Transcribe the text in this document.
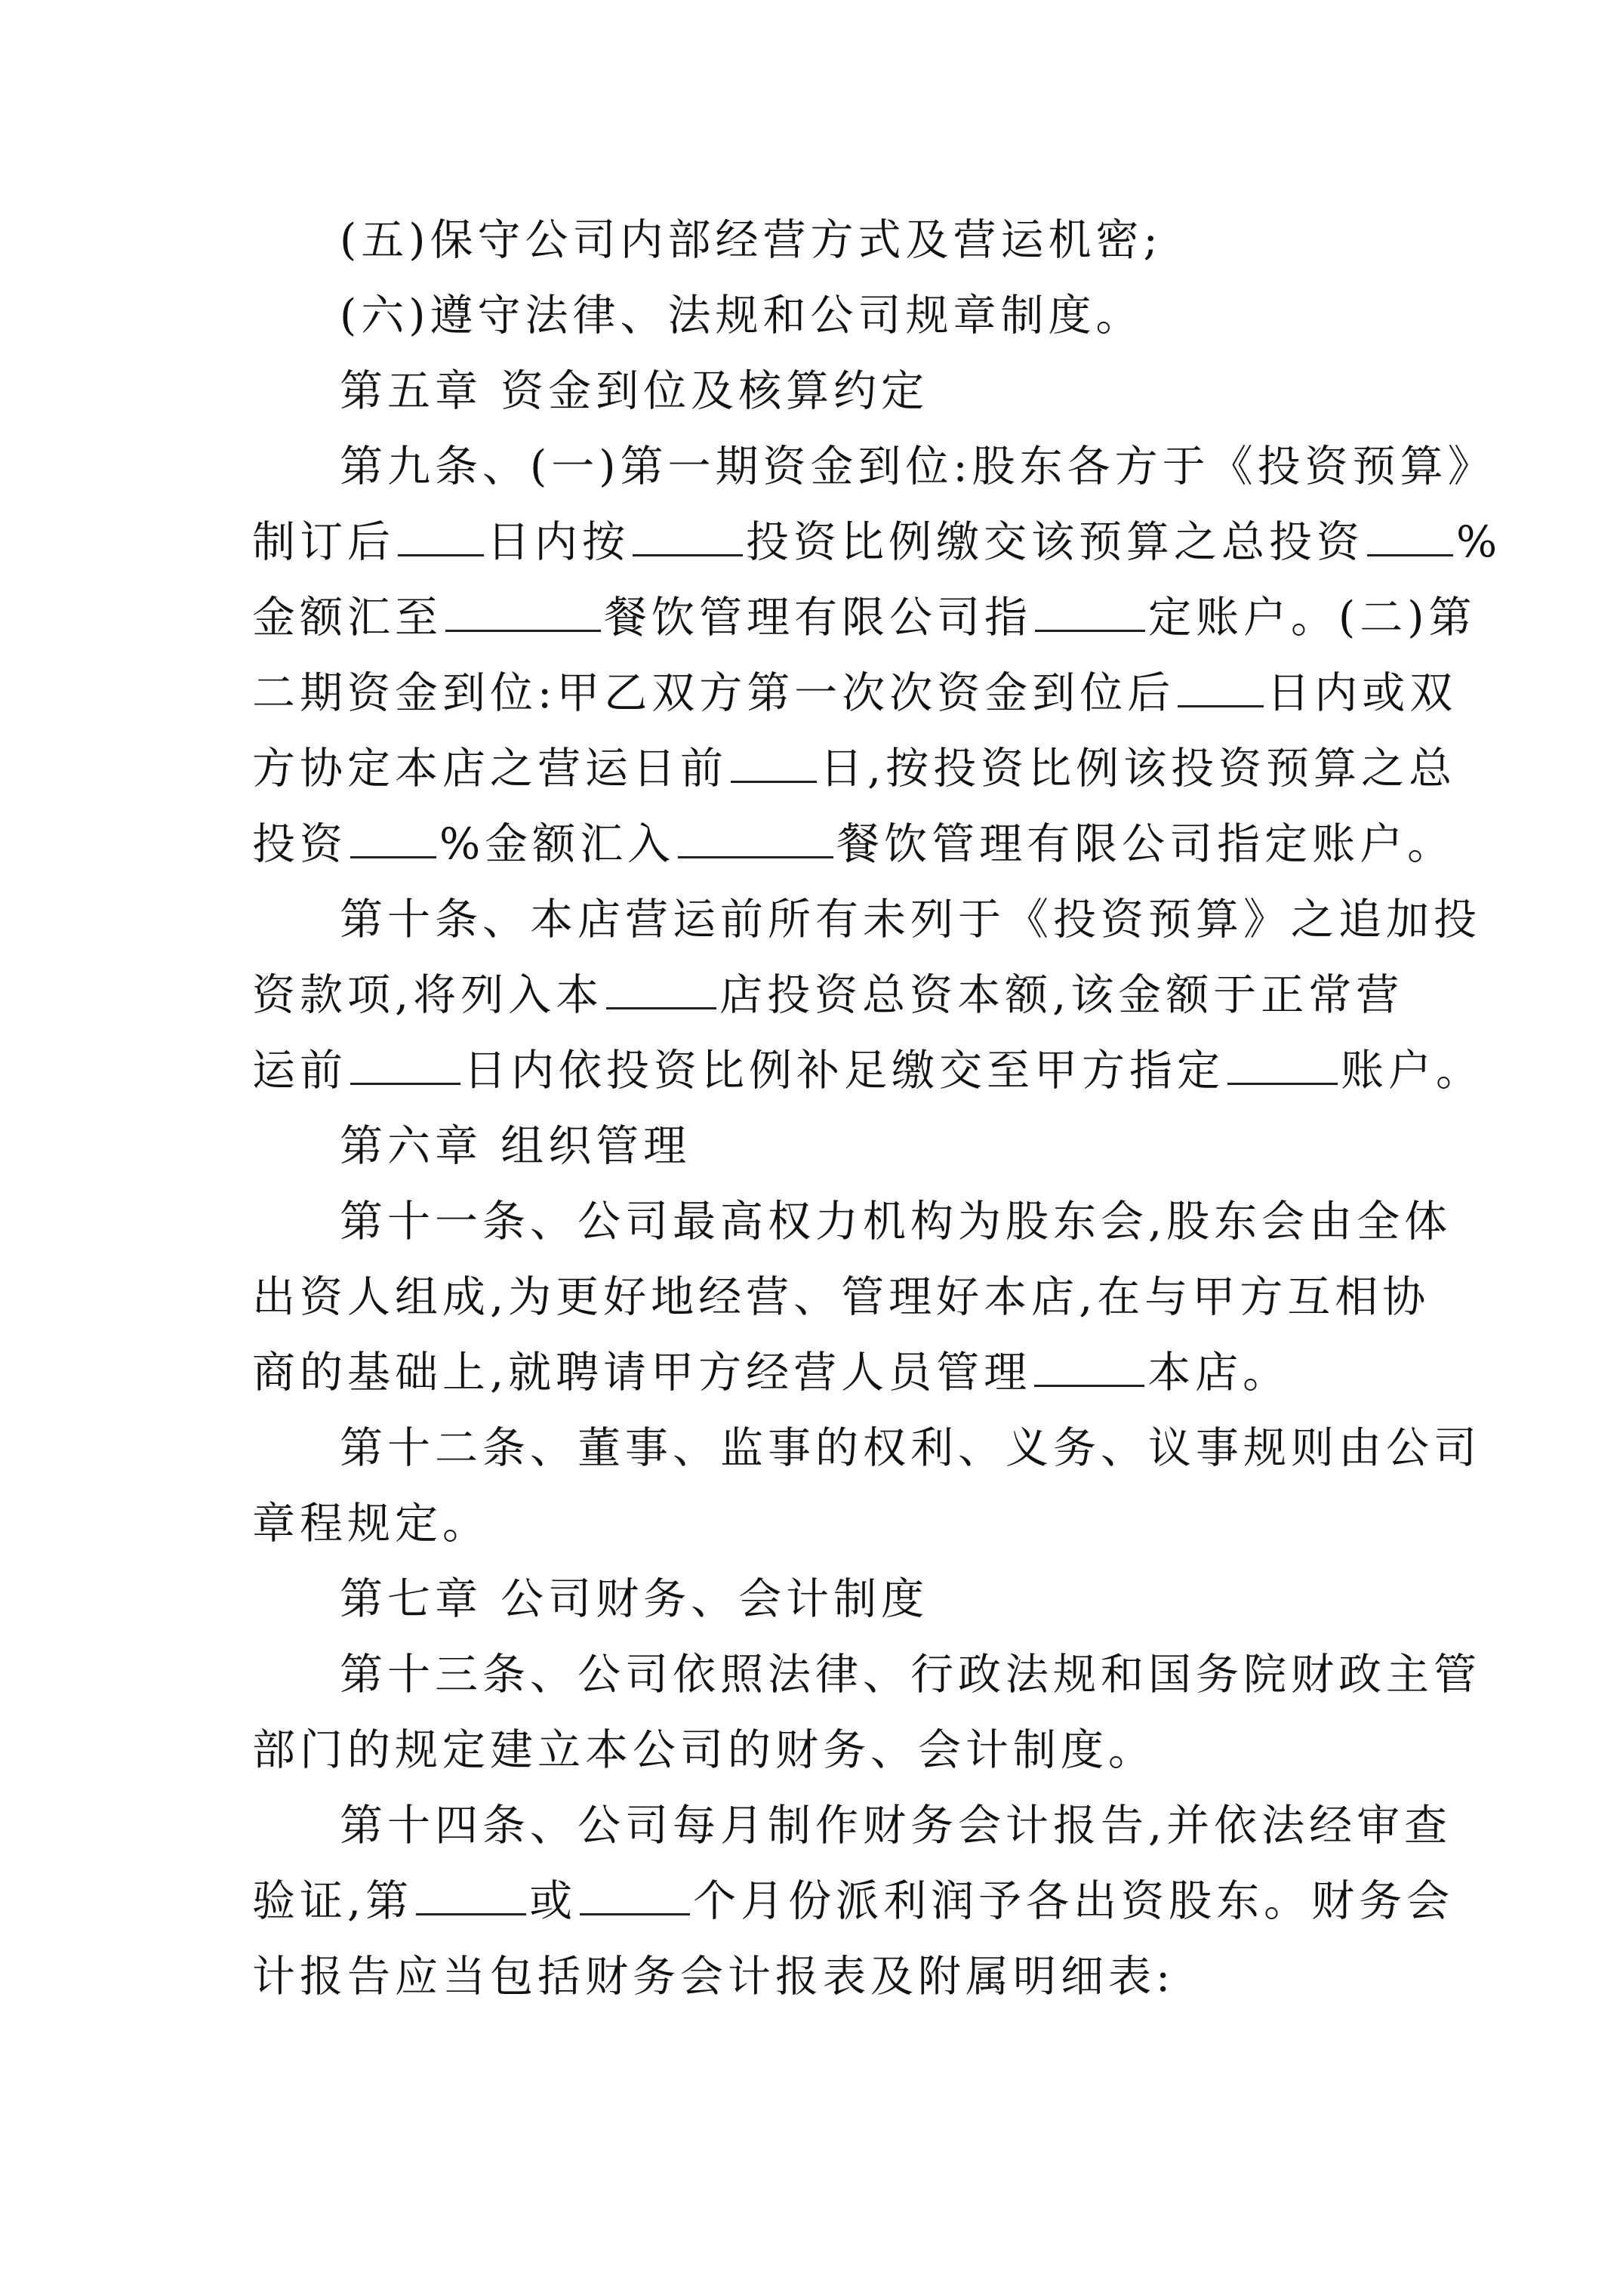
(五)保守公司内部经营方式及营运机密;
(六)遵守法律、法规和公司规章制度。
第五章 资金到位及核算约定
第九条、(一)第一期资金到位:股东各方于《投资预算》
制订后 日内按	投资比例缴交该预算之总投资 %
金额汇至	餐饮管理有限公司指	定账户。(二)第
二期资金到位:甲乙双方第一次次资金到位后 日内或双
方协定本店之营运日前 日,按投资比例该投资预算之总
投资 %金额汇入	餐饮管理有限公司指定账户。
第十条、本店营运前所有未列于《投资预算》之追加投
资款项,将列入本	店投资总资本额,该金额于正常营
运前	日内依投资比例补足缴交至甲方指定	账户。
第六章 组织管理
第十一条、公司最高权力机构为股东会,股东会由全体
出资人组成,为更好地经营、管理好本店,在与甲方互相协
商的基础上,就聘请甲方经营人员管理	本店。
第十二条、董事、监事的权利、义务、议事规则由公司
章程规定。
第七章 公司财务、会计制度
第十三条、公司依照法律、行政法规和国务院财政主管
部门的规定建立本公司的财务、会计制度。
第十四条、公司每月制作财务会计报告,并依法经审查
验证,第	或	个月份派利润予各出资股东。财务会
计报告应当包括财务会计报表及附属明细表:
